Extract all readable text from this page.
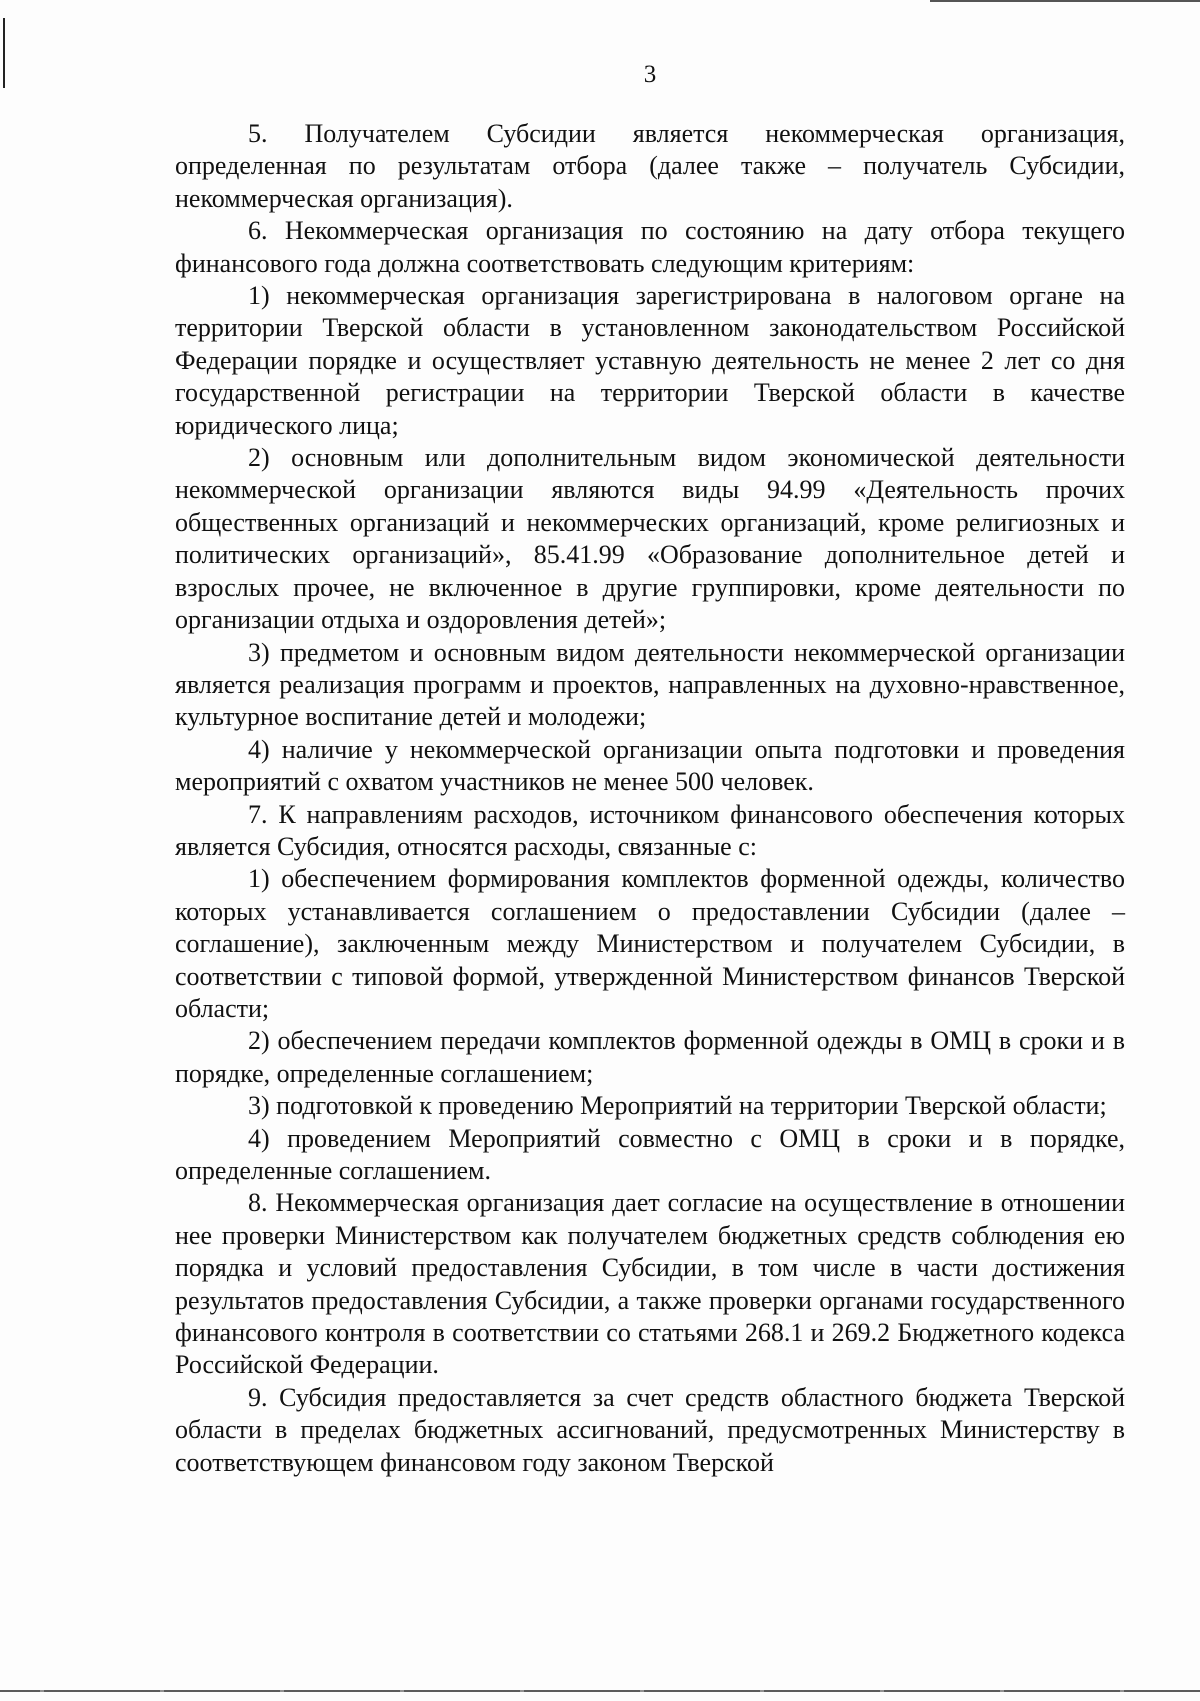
3

5. Получателем Субсидии является некоммерческая организация, определенная по результатам отбора (далее также – получатель Субсидии, некоммерческая организация).

6. Некоммерческая организация по состоянию на дату отбора текущего финансового года должна соответствовать следующим критериям:

1) некоммерческая организация зарегистрирована в налоговом органе на территории Тверской области в установленном законодательством Российской Федерации порядке и осуществляет уставную деятельность не менее 2 лет со дня государственной регистрации на территории Тверской области в качестве юридического лица;

2) основным или дополнительным видом экономической деятельности некоммерческой организации являются виды 94.99 «Деятельность прочих общественных организаций и некоммерческих организаций, кроме религиозных и политических организаций», 85.41.99 «Образование дополнительное детей и взрослых прочее, не включенное в другие группировки, кроме деятельности по организации отдыха и оздоровления детей»;

3) предметом и основным видом деятельности некоммерческой организации является реализация программ и проектов, направленных на духовно-нравственное, культурное воспитание детей и молодежи;

4) наличие у некоммерческой организации опыта подготовки и проведения мероприятий с охватом участников не менее 500 человек.

7. К направлениям расходов, источником финансового обеспечения которых является Субсидия, относятся расходы, связанные с:

1) обеспечением формирования комплектов форменной одежды, количество которых устанавливается соглашением о предоставлении Субсидии (далее – соглашение), заключенным между Министерством и получателем Субсидии, в соответствии с типовой формой, утвержденной Министерством финансов Тверской области;

2) обеспечением передачи комплектов форменной одежды в ОМЦ в сроки и в порядке, определенные соглашением;

3) подготовкой к проведению Мероприятий на территории Тверской области;

4) проведением Мероприятий совместно с ОМЦ в сроки и в порядке, определенные соглашением.

8. Некоммерческая организация дает согласие на осуществление в отношении нее проверки Министерством как получателем бюджетных средств соблюдения ею порядка и условий предоставления Субсидии, в том числе в части достижения результатов предоставления Субсидии, а также проверки органами государственного финансового контроля в соответствии со статьями 268.1 и 269.2 Бюджетного кодекса Российской Федерации.

9. Субсидия предоставляется за счет средств областного бюджета Тверской области в пределах бюджетных ассигнований, предусмотренных Министерству в соответствующем финансовом году законом Тверской
